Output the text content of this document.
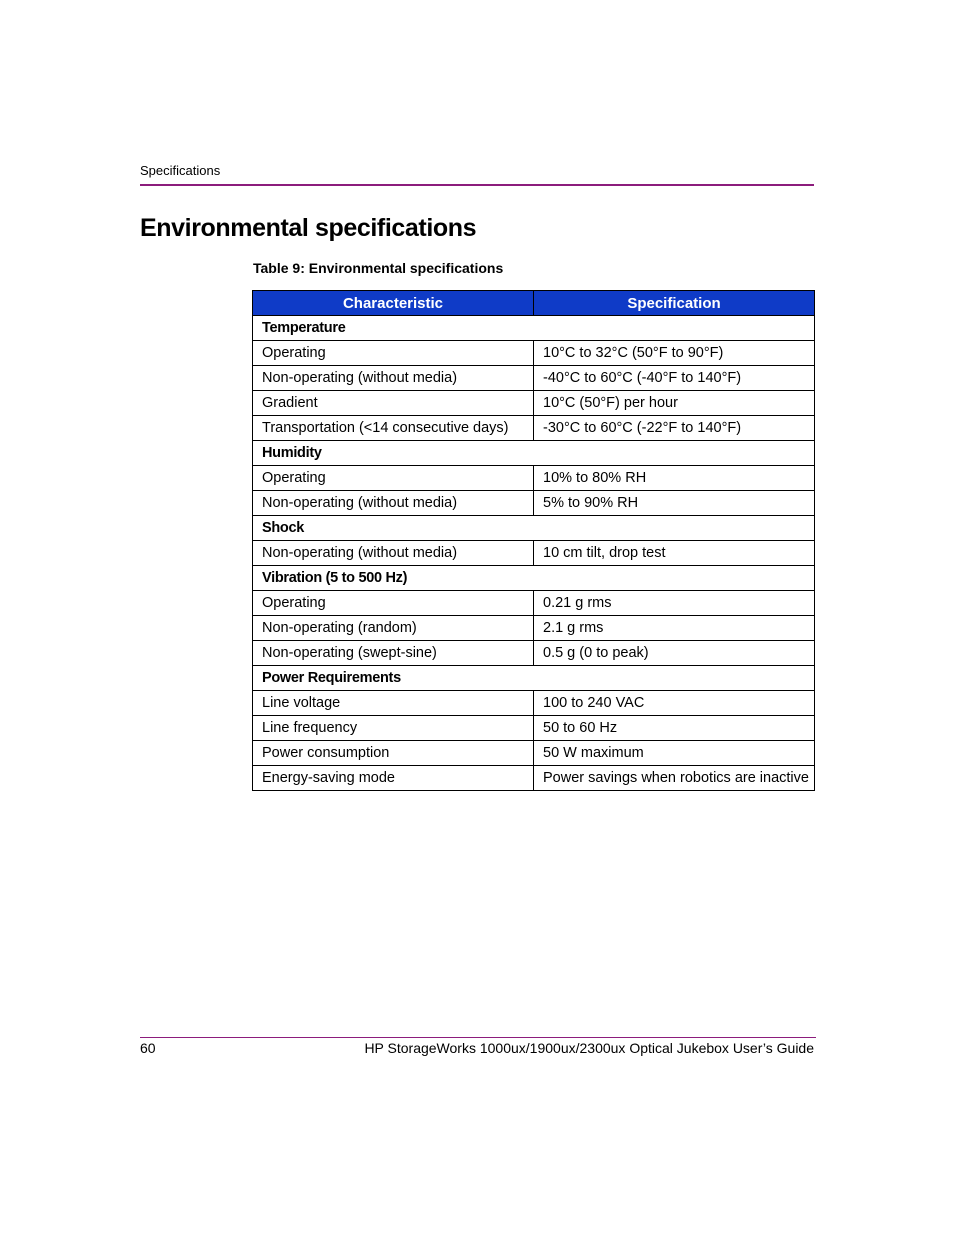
Specifications
Environmental specifications
Table 9: Environmental specifications
Characteristic	Specification
Temperature	
Operating	10°C to 32°C (50°F to 90°F)
Non-operating (without media)	-40°C to 60°C (-40°F to 140°F)
Gradient	10°C (50°F) per hour
Transportation (<14 consecutive days)	-30°C to 60°C (-22°F to 140°F)
Humidity	
Operating	10% to 80% RH
Non-operating (without media)	5% to 90% RH
Shock	
Non-operating (without media)	10 cm tilt, drop test
Vibration (5 to 500 Hz)	
Operating	0.21 g rms
Non-operating (random)	2.1 g rms
Non-operating (swept-sine)	0.5 g (0 to peak)
Power Requirements	
Line voltage	100 to 240 VAC
Line frequency	50 to 60 Hz
Power consumption	50 W maximum
Energy-saving mode	Power savings when robotics are inactive
60	HP StorageWorks 1000ux/1900ux/2300ux Optical Jukebox User’s Guide
